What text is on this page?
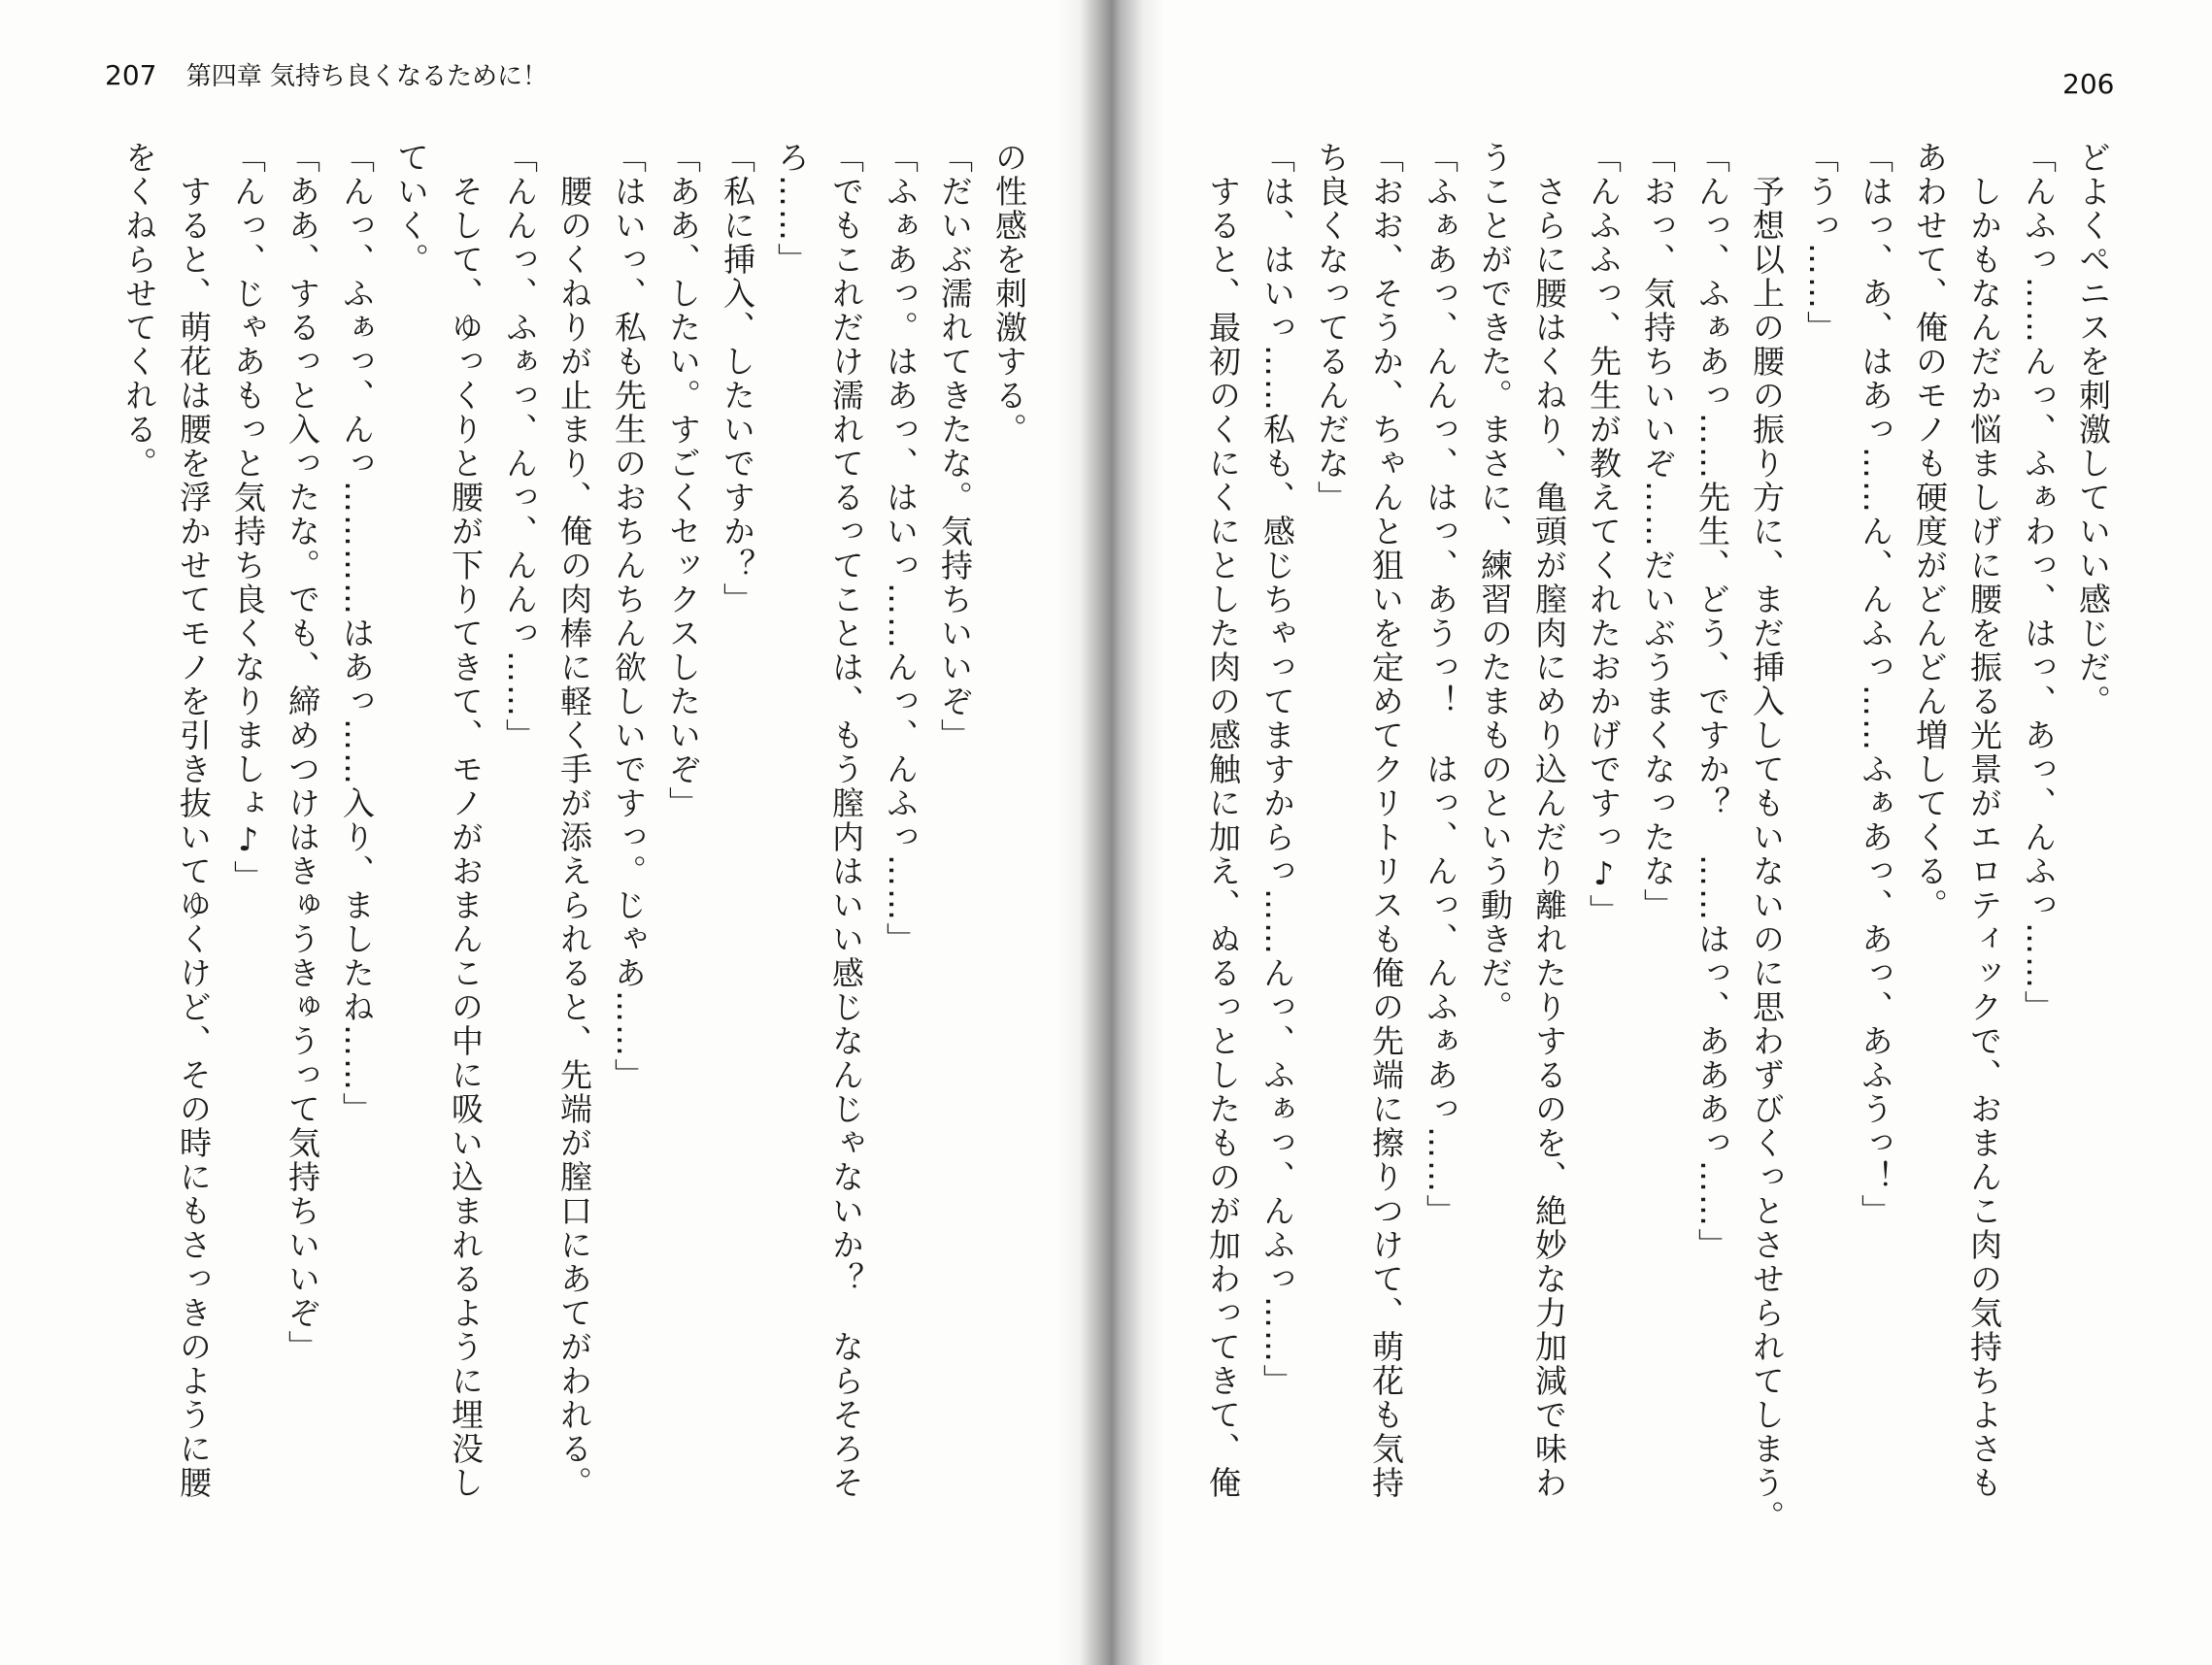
207 第四章 気持ち良くなるために！	206

どよくペニスを刺激していい感じだ。

「んふっ……んっ、ふぁわっ、はっ、あっ、んふっ……」

　しかもなんだか悩ましげに腰を振る光景がエロティックで、おまんこ肉の気持ちよさも

あわせて、俺のモノも硬度がどんどん増してくる。

「はっ、あ、はあっ……ん、んふっ……ふぁあっ、あっ、あふうっ！」

「うっ……」

　予想以上の腰の振り方に、まだ挿入してもいないのに思わずびくっとさせられてしまう。

「んっ、ふぁあっ……先生、どう、ですか？　……はっ、あああっ……」

「おっ、気持ちいいぞ……だいぶうまくなったな」

「んふふっ、先生が教えてくれたおかげですっ♪」

　さらに腰はくねり、亀頭が膣肉にめり込んだり離れたりするのを、絶妙な力加減で味わ

うことができた。まさに、練習のたまものという動きだ。

「ふぁあっ、んんっ、はっ、あうっ！　はっ、んっ、んふぁあっ……」

「おお、そうか、ちゃんと狙いを定めてクリトリスも俺の先端に擦りつけて、萌花も気持

ち良くなってるんだな」

「は、はいっ……私も、感じちゃってますからっ……んっ、ふぁっ、んふっ……」

　すると、最初のくにくにとした肉の感触に加え、ぬるっとしたものが加わってきて、俺

の性感を刺激する。

「だいぶ濡れてきたな。気持ちいいぞ」

「ふぁあっ。はあっ、はいっ……んっ、んふっ……」

「でもこれだけ濡れてるってことは、もう膣内はいい感じなんじゃないか？　ならそろそ

ろ……」

「私に挿入、したいですか？」

「ああ、したい。すごくセックスしたいぞ」

「はいっ、私も先生のおちんちん欲しいですっ。じゃあ……」

　腰のくねりが止まり、俺の肉棒に軽く手が添えられると、先端が膣口にあてがわれる。

「んんっ、ふぁっ、んっ、んんっ……」

　そして、ゆっくりと腰が下りてきて、モノがおまんこの中に吸い込まれるように埋没し

ていく。

「んっ、ふぁっ、んっ…………はあっ……入り、ましたね……」

「ああ、するっと入ったな。でも、締めつけはきゅうきゅうって気持ちいいぞ」

「んっ、じゃあもっと気持ち良くなりましょ♪」

　すると、萌花は腰を浮かせてモノを引き抜いてゆくけど、その時にもさっきのように腰

をくねらせてくれる。
